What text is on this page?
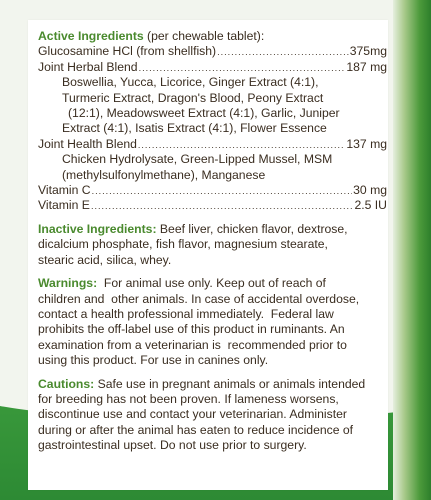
Active Ingredients (per chewable tablet):
Glucosamine HCl (from shellfish) .....	375mg
Joint Herbal Blend .....	187 mg
Boswellia, Yucca, Licorice, Ginger Extract (4:1),
Turmeric Extract, Dragon's Blood, Peony Extract
(12:1), Meadowsweet Extract (4:1), Garlic, Juniper
Extract (4:1), Isatis Extract (4:1), Flower Essence
Joint Health Blend .....	137 mg
Chicken Hydrolysate, Green-Lipped Mussel, MSM
(methylsulfonylmethane), Manganese
Vitamin C .....	30 mg
Vitamin E .....	2.5 IU
Inactive Ingredients: Beef liver, chicken flavor, dextrose,
dicalcium phosphate, fish flavor, magnesium stearate,
stearic acid, silica, whey.
Warnings:  For animal use only. Keep out of reach of
children and  other animals. In case of accidental overdose,
contact a health professional immediately.  Federal law
prohibits the off-label use of this product in ruminants. An
examination from a veterinarian is  recommended prior to
using this product. For use in canines only.
Cautions: Safe use in pregnant animals or animals intended
for breeding has not been proven. If lameness worsens,
discontinue use and contact your veterinarian. Administer
during or after the animal has eaten to reduce incidence of
gastrointestinal upset. Do not use prior to surgery.
